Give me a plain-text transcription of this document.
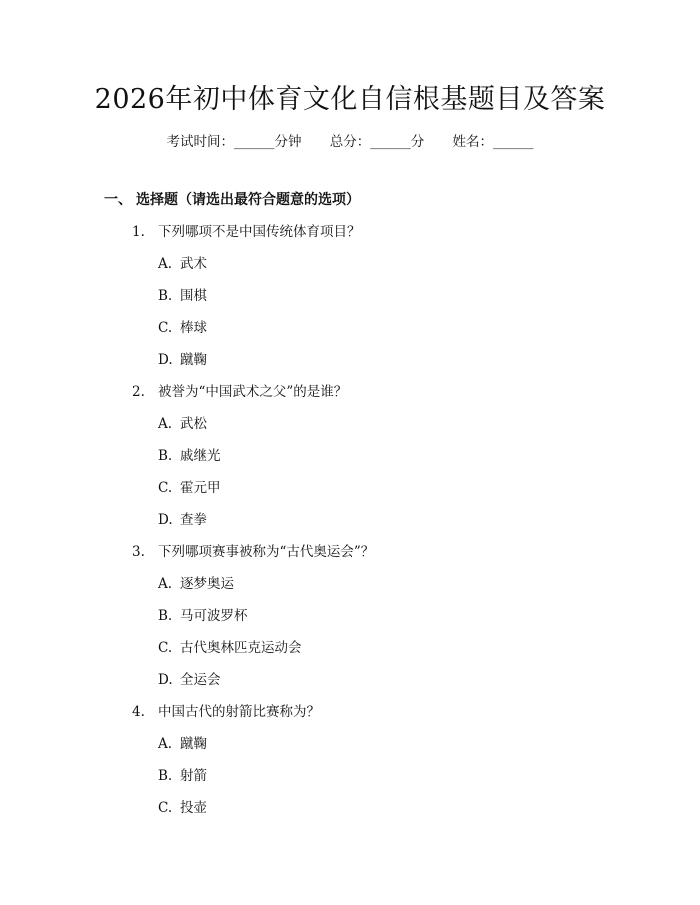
2026年初中体育文化自信根基题目及答案
考试时间：______分钟 总分：______分 姓名：______
一、 选择题（请选出最符合题意的选项）
1. 下列哪项不是中国传统体育项目？
A. 武术
B. 围棋
C. 棒球
D. 蹴鞠
2. 被誉为“中国武术之父”的是谁？
A. 武松
B. 戚继光
C. 霍元甲
D. 查拳
3. 下列哪项赛事被称为“古代奥运会”？
A. 逐梦奥运
B. 马可波罗杯
C. 古代奥林匹克运动会
D. 全运会
4. 中国古代的射箭比赛称为？
A. 蹴鞠
B. 射箭
C. 投壶
